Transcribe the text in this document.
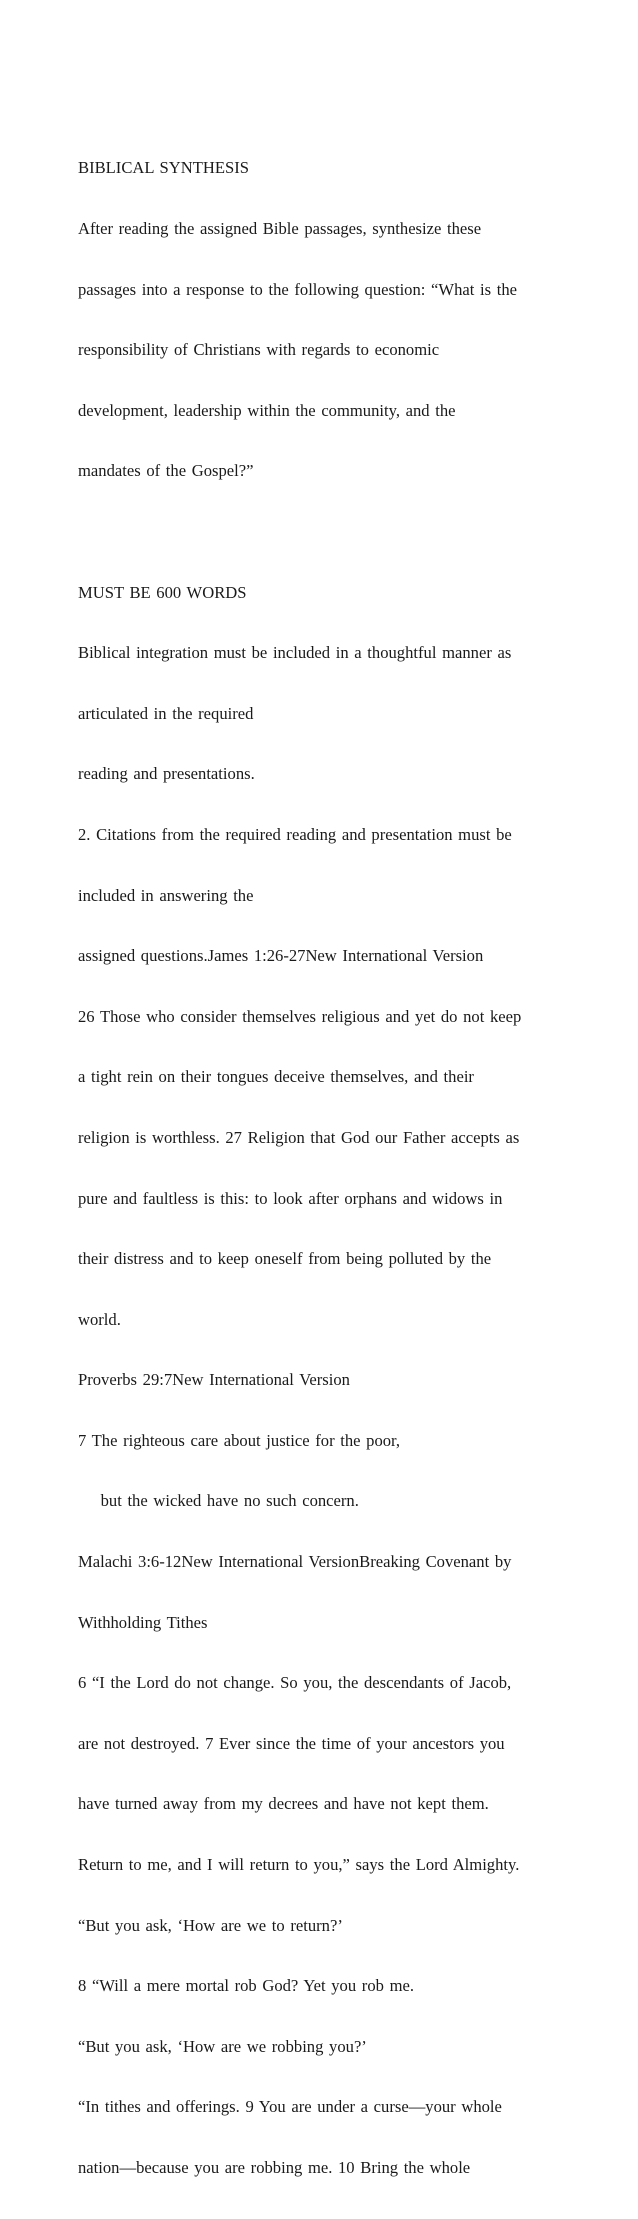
BIBLICAL SYNTHESIS

After reading the assigned Bible passages, synthesize these

passages into a response to the following question: “What is the

responsibility of Christians with regards to economic

development, leadership within the community, and the

mandates of the Gospel?”

MUST BE 600 WORDS

Biblical integration must be included in a thoughtful manner as

articulated in the required

reading and presentations.

2. Citations from the required reading and presentation must be

included in answering the

assigned questions.James 1:26-27New International Version

26 Those who consider themselves religious and yet do not keep

a tight rein on their tongues deceive themselves, and their

religion is worthless. 27 Religion that God our Father accepts as

pure and faultless is this: to look after orphans and widows in

their distress and to keep oneself from being polluted by the

world.

Proverbs 29:7New International Version

7 The righteous care about justice for the poor,

but the wicked have no such concern.

Malachi 3:6-12New International VersionBreaking Covenant by

Withholding Tithes

6 “I the Lord do not change. So you, the descendants of Jacob,

are not destroyed. 7 Ever since the time of your ancestors you

have turned away from my decrees and have not kept them.

Return to me, and I will return to you,” says the Lord Almighty.

“But you ask, ‘How are we to return?’

8 “Will a mere mortal rob God? Yet you rob me.

“But you ask, ‘How are we robbing you?’

“In tithes and offerings. 9 You are under a curse—your whole

nation—because you are robbing me. 10 Bring the whole
